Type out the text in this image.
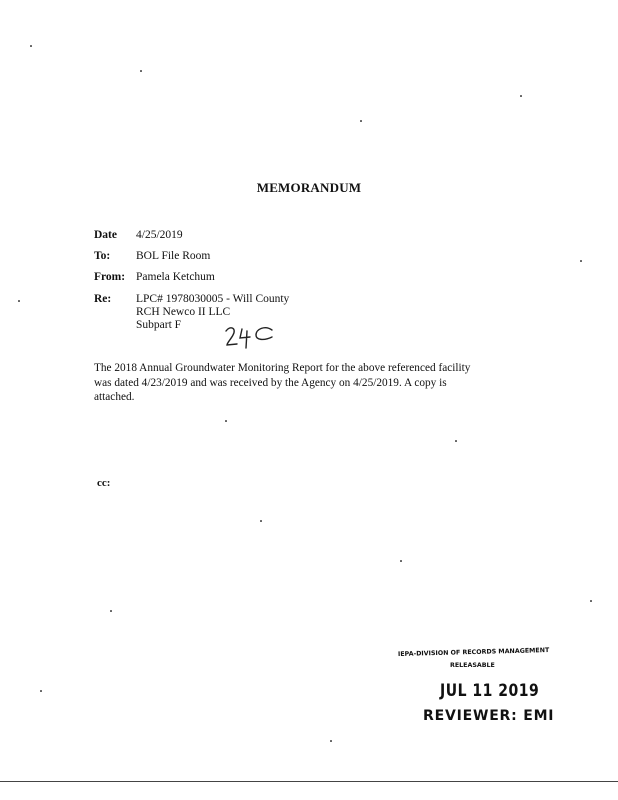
MEMORANDUM
Date 4/25/2019
To: BOL File Room
From: Pamela Ketchum
Re: LPC# 1978030005 - Will County
RCH Newco II LLC
Subpart F
The 2018 Annual Groundwater Monitoring Report for the above referenced facility
was dated 4/23/2019 and was received by the Agency on 4/25/2019. A copy is
attached.
cc:
IEPA-DIVISION OF RECORDS MANAGEMENT
RELEASABLE
JUL 11 2019
REVIEWER: EMI
